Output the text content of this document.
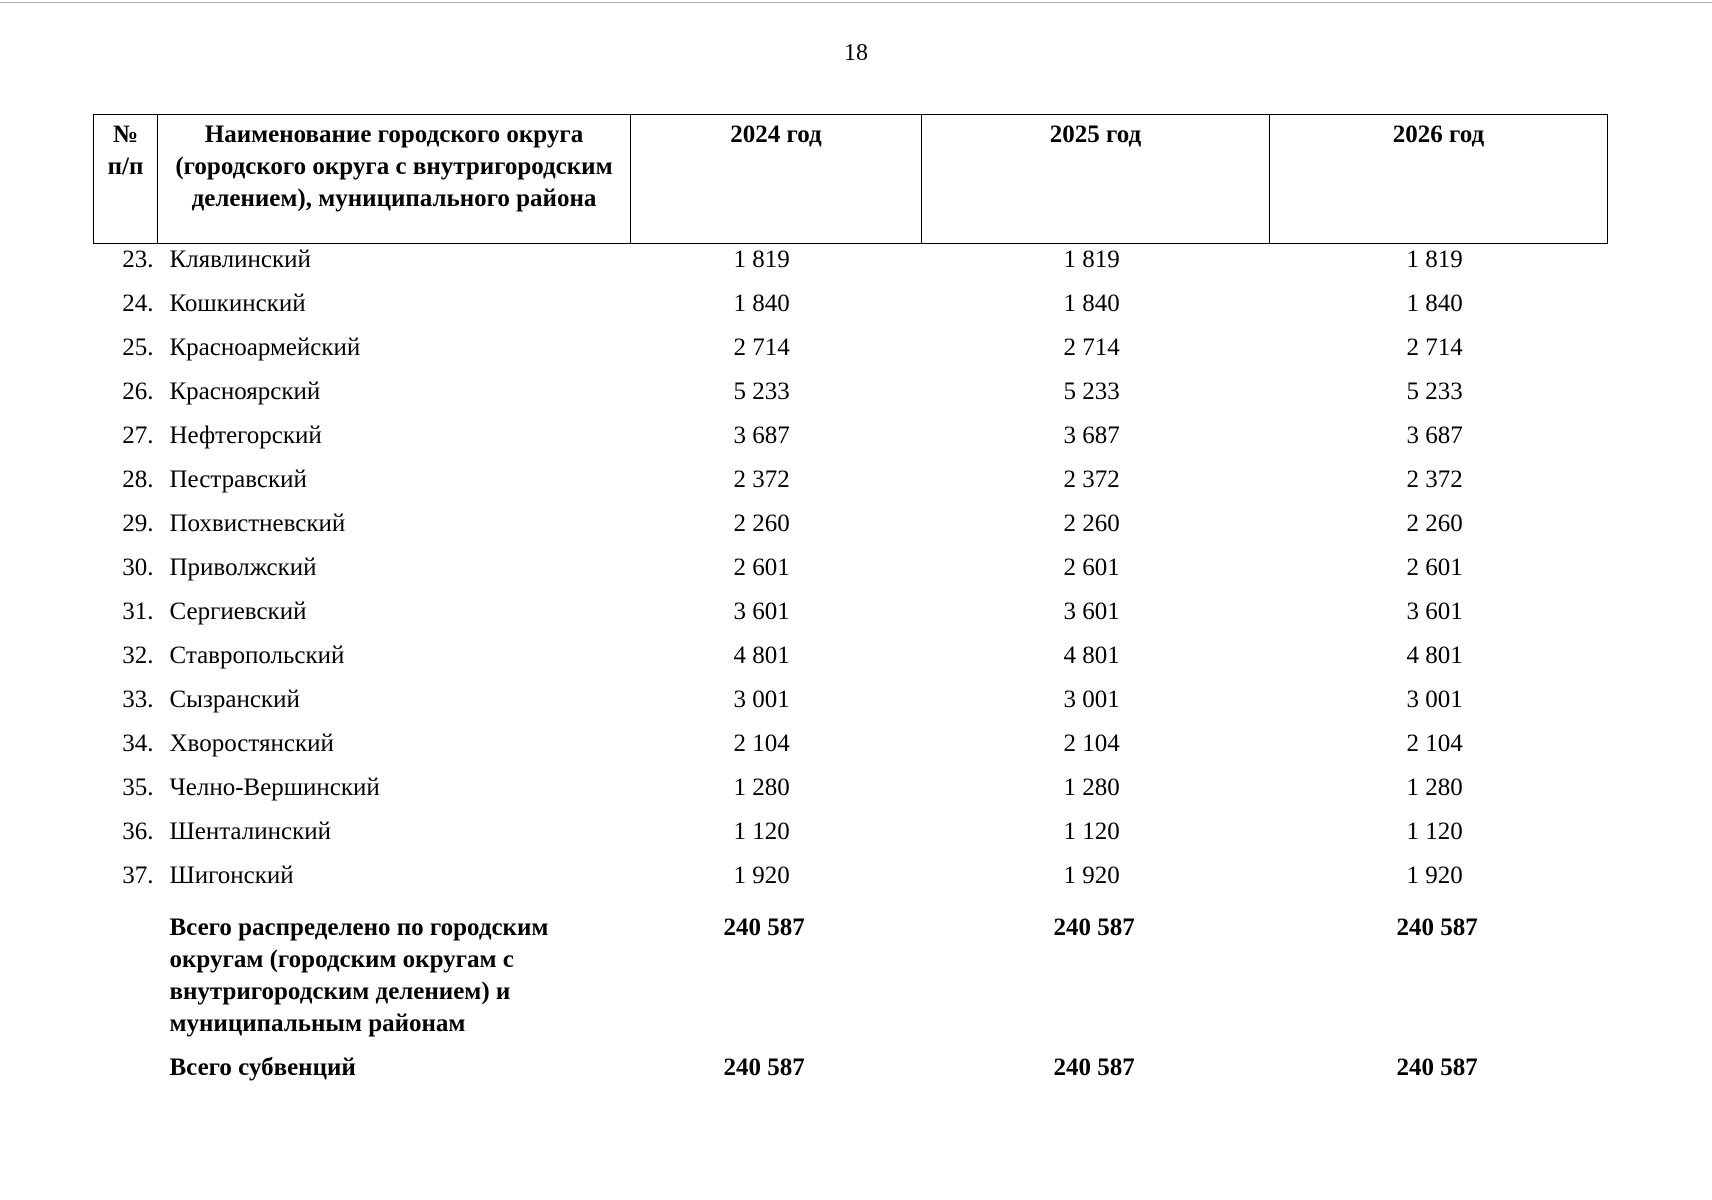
18
№ п/п	Наименование городского округа (городского округа с внутригородским делением), муниципального района	2024 год	2025 год	2026 год
23.	Клявлинский	1 819	1 819	1 819
24.	Кошкинский	1 840	1 840	1 840
25.	Красноармейский	2 714	2 714	2 714
26.	Красноярский	5 233	5 233	5 233
27.	Нефтегорский	3 687	3 687	3 687
28.	Пестравский	2 372	2 372	2 372
29.	Похвистневский	2 260	2 260	2 260
30.	Приволжский	2 601	2 601	2 601
31.	Сергиевский	3 601	3 601	3 601
32.	Ставропольский	4 801	4 801	4 801
33.	Сызранский	3 001	3 001	3 001
34.	Хворостянский	2 104	2 104	2 104
35.	Челно-Вершинский	1 280	1 280	1 280
36.	Шенталинский	1 120	1 120	1 120
37.	Шигонский	1 920	1 920	1 920
	Всего распределено по городским округам (городским округам с внутригородским делением) и муниципальным районам	240 587	240 587	240 587
	Всего субвенций	240 587	240 587	240 587
